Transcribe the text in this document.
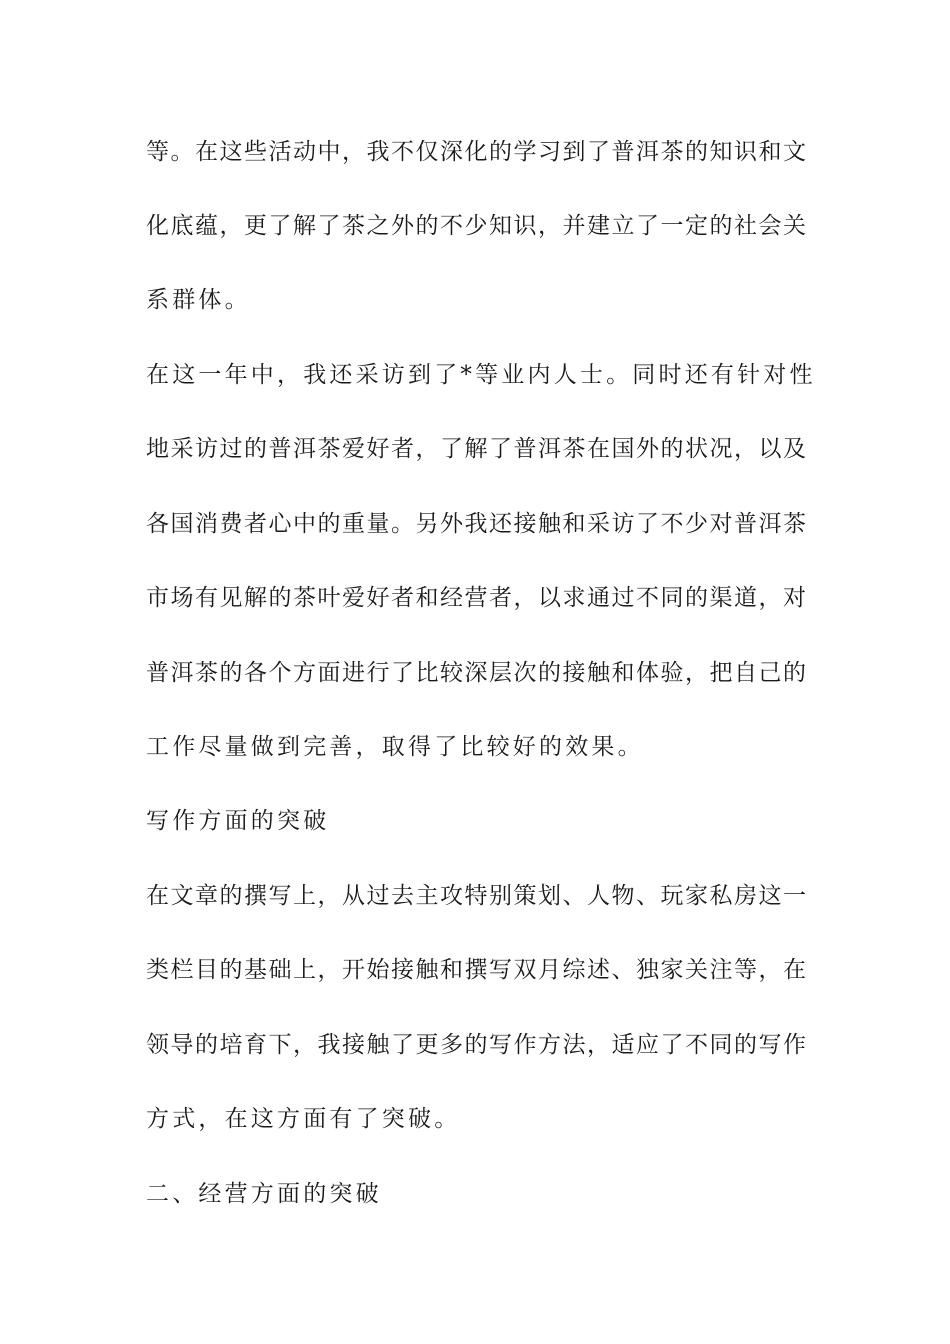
等。在这些活动中，我不仅深化的学习到了普洱茶的知识和文
化底蕴，更了解了茶之外的不少知识，并建立了一定的社会关
系群体。
在这一年中，我还采访到了*等业内人士。同时还有针对性
地采访过的普洱茶爱好者，了解了普洱茶在国外的状况，以及
各国消费者心中的重量。另外我还接触和采访了不少对普洱茶
市场有见解的茶叶爱好者和经营者，以求通过不同的渠道，对
普洱茶的各个方面进行了比较深层次的接触和体验，把自己的
工作尽量做到完善，取得了比较好的效果。
写作方面的突破
在文章的撰写上，从过去主攻特别策划、人物、玩家私房这一
类栏目的基础上，开始接触和撰写双月综述、独家关注等，在
领导的培育下，我接触了更多的写作方法，适应了不同的写作
方式，在这方面有了突破。
二、经营方面的突破
